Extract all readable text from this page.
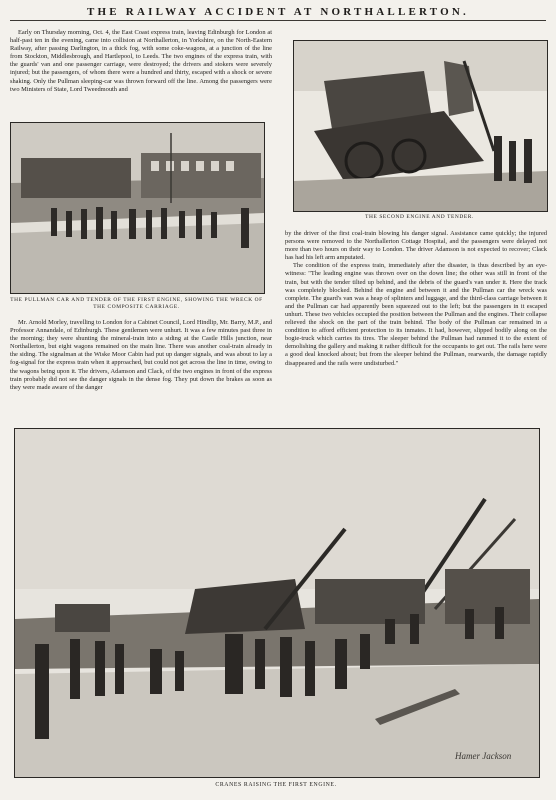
THE RAILWAY ACCIDENT AT NORTHALLERTON.

Early on Thursday morning, Oct. 4, the East Coast express train, leaving Edinburgh for London at half-past ten in the evening, came into collision at Northallerton, in Yorkshire, on the North-Eastern Railway, after passing Darlington, in a thick fog, with some coke-wagons, at a junction of the line from Stockton, Middlesbrough, and Hartlepool, to Leeds. The two engines of the express train, with the guards' van and one passenger carriage, were destroyed; the drivers and stokers were severely injured; but the passengers, of whom there were a hundred and thirty, escaped with a shock or severe shaking. Only the Pullman sleeping-car was thrown forward off the line. Among the passengers were two Ministers of State, Lord Tweedmouth and

THE PULLMAN CAR AND TENDER OF THE FIRST ENGINE, SHOWING THE WRECK OF THE COMPOSITE CARRIAGE.

Mr. Arnold Morley, travelling to London for a Cabinet Council, Lord Hindlip, Mr. Barry, M.P., and Professor Annandale, of Edinburgh. These gentlemen were unhurt. It was a few minutes past three in the morning; they were shunting the mineral-train into a siding at the Castle Hills junction, near Northallerton, but eight wagons remained on the main line. There was another coal-train already in the siding. The signalman at the Wiske Moor Cabin had put up danger signals, and was about to lay a fog-signal for the express train when it approached, but could not get across the line in time, owing to the wagons being upon it. The drivers, Adamson and Clack, of the two engines in front of the express train probably did not see the danger signals in the dense fog. They put down the brakes as soon as they were made aware of the danger

THE SECOND ENGINE AND TENDER.

by the driver of the first coal-train blowing his danger signal. Assistance came quickly; the injured persons were removed to the Northallerton Cottage Hospital, and the passengers were delayed not more than two hours on their way to London. The driver Adamson is not expected to recover; Clack has had his left arm amputated.

The condition of the express train, immediately after the disaster, is thus described by an eye-witness: "The leading engine was thrown over on the down line; the other was still in front of the train, but with the tender tilted up behind, and the debris of the guard's van under it. Here the track was completely blocked. Behind the engine and between it and the Pullman car the wreck was complete. The guard's van was a heap of splinters and luggage, and the third-class carriage between it and the Pullman car had apparently been squeezed out to the left; but the passengers in it escaped unhurt. These two vehicles occupied the position between the Pullman and the engines. Their collapse relieved the shock on the part of the train behind. The body of the Pullman car remained in a condition to afford efficient protection to its inmates. It had, however, slipped bodily along on the bogie-truck which carries its tires. The sleeper behind the Pullman had rammed it to the extent of demolishing the gallery and making it rather difficult for the occupants to get out. The rails here were a good deal knocked about; but from the sleeper behind the Pullman, rearwards, the damage rapidly disappeared and the rails were undisturbed."

Hamer Jackson
CRANES RAISING THE FIRST ENGINE.
